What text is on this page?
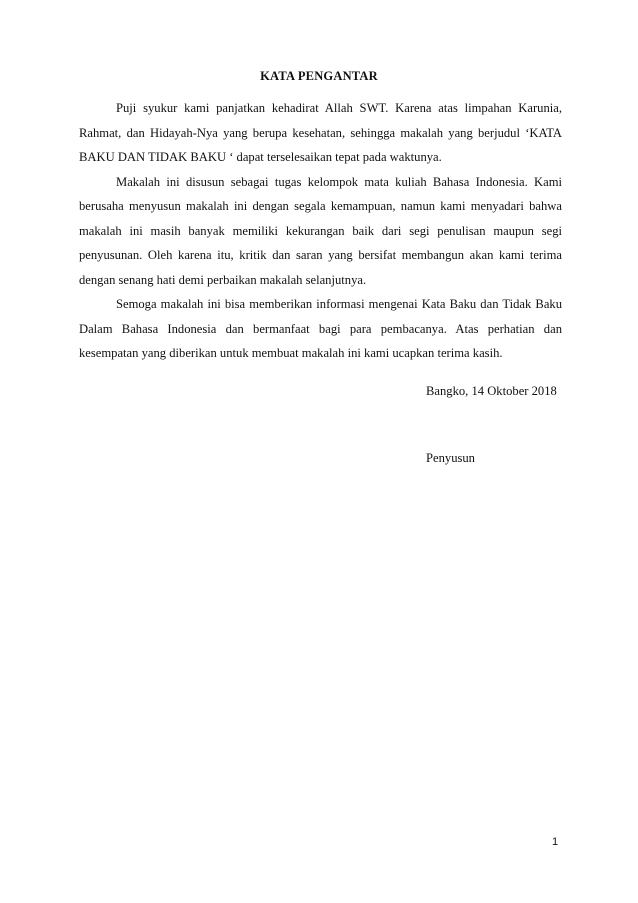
KATA PENGANTAR

Puji syukur kami panjatkan kehadirat Allah SWT. Karena atas limpahan Karunia, Rahmat, dan Hidayah-Nya yang berupa kesehatan, sehingga makalah yang berjudul ‘KATA BAKU DAN TIDAK BAKU ‘ dapat terselesaikan tepat pada waktunya.

Makalah ini disusun sebagai tugas kelompok mata kuliah Bahasa Indonesia. Kami berusaha menyusun makalah ini dengan segala kemampuan, namun kami menyadari bahwa makalah ini masih banyak memiliki kekurangan baik dari segi penulisan maupun segi penyusunan. Oleh karena itu, kritik dan saran yang bersifat membangun akan kami terima dengan senang hati demi perbaikan makalah selanjutnya.

Semoga makalah ini bisa memberikan informasi mengenai Kata Baku dan Tidak Baku Dalam Bahasa Indonesia dan bermanfaat bagi para pembacanya. Atas perhatian dan kesempatan yang diberikan untuk membuat makalah ini kami ucapkan terima kasih.

Bangko, 14 Oktober 2018
Penyusun
1
